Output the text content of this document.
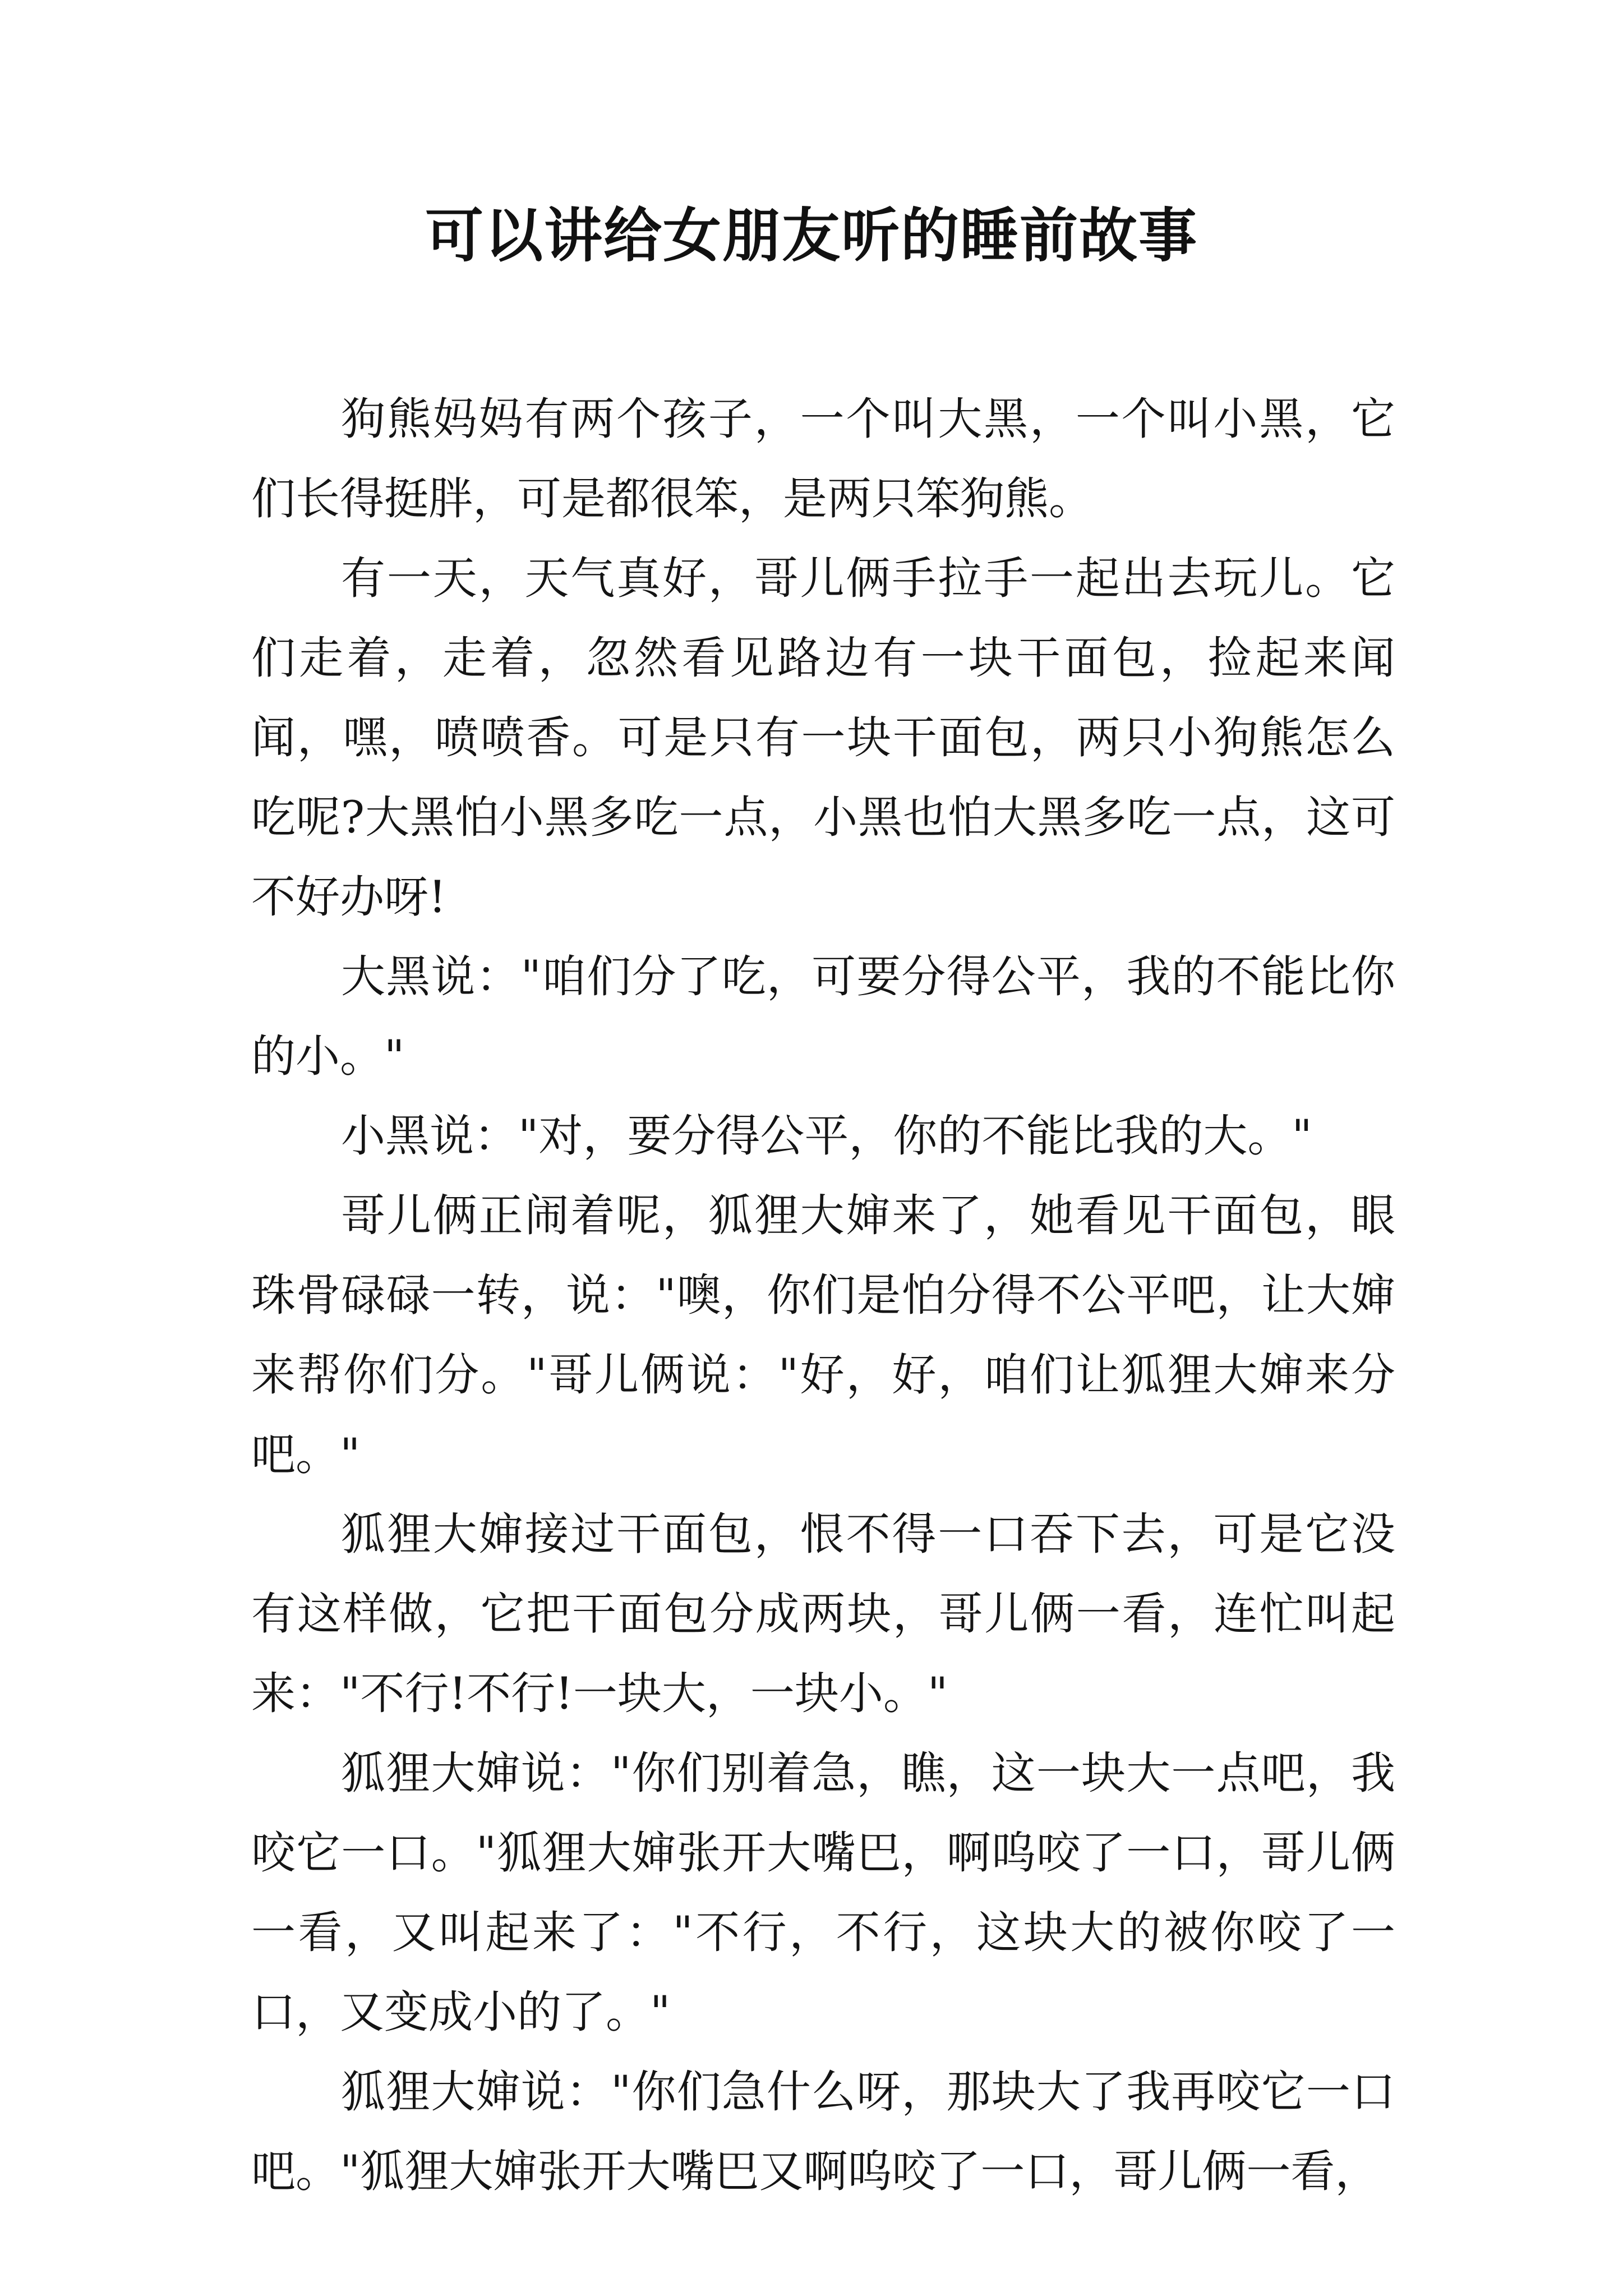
可以讲给女朋友听的睡前故事

狗熊妈妈有两个孩子，一个叫大黑，一个叫小黑，它们长得挺胖，可是都很笨，是两只笨狗熊。

有一天，天气真好，哥儿俩手拉手一起出去玩儿。它们走着，走着，忽然看见路边有一块干面包，捡起来闻闻，嘿，喷喷香。可是只有一块干面包，两只小狗熊怎么吃呢?大黑怕小黑多吃一点，小黑也怕大黑多吃一点，这可不好办呀!

大黑说："咱们分了吃，可要分得公平，我的不能比你的小。"

小黑说："对，要分得公平，你的不能比我的大。"

哥儿俩正闹着呢，狐狸大婶来了，她看见干面包，眼珠骨碌碌一转，说："噢，你们是怕分得不公平吧，让大婶来帮你们分。"哥儿俩说："好，好，咱们让狐狸大婶来分吧。"

狐狸大婶接过干面包，恨不得一口吞下去，可是它没有这样做，它把干面包分成两块，哥儿俩一看，连忙叫起来："不行!不行!一块大，一块小。"

狐狸大婶说："你们别着急，瞧，这一块大一点吧，我咬它一口。"狐狸大婶张开大嘴巴，啊呜咬了一口，哥儿俩一看，又叫起来了："不行，不行，这块大的被你咬了一口，又变成小的了。"

狐狸大婶说："你们急什么呀，那块大了我再咬它一口吧。"狐狸大婶张开大嘴巴又啊呜咬了一口，哥儿俩一看，
